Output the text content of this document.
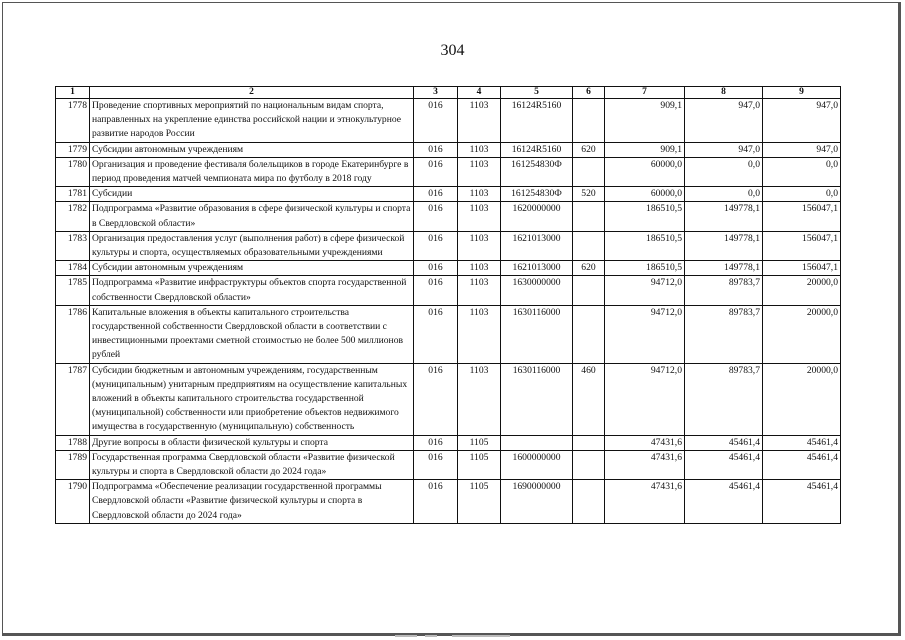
304
1	2	3	4	5	6	7	8	9
1778	Проведение спортивных мероприятий по национальным видам спорта, направленных на укрепление единства российской нации и этнокультурное развитие народов России	016	1103	16124R5160		909,1	947,0	947,0
1779	Субсидии автономным учреждениям	016	1103	16124R5160	620	909,1	947,0	947,0
1780	Организация и проведение фестиваля болельщиков в городе Екатеринбурге в период проведения матчей чемпионата мира по футболу в 2018 году	016	1103	161254830Ф		60000,0	0,0	0,0
1781	Субсидии	016	1103	161254830Ф	520	60000,0	0,0	0,0
1782	Подпрограмма «Развитие образования в сфере физической культуры и спорта в Свердловской области»	016	1103	1620000000		186510,5	149778,1	156047,1
1783	Организация предоставления услуг (выполнения работ) в сфере физической культуры и спорта, осуществляемых образовательными учреждениями	016	1103	1621013000		186510,5	149778,1	156047,1
1784	Субсидии автономным учреждениям	016	1103	1621013000	620	186510,5	149778,1	156047,1
1785	Подпрограмма «Развитие инфраструктуры объектов спорта государственной собственности Свердловской области»	016	1103	1630000000		94712,0	89783,7	20000,0
1786	Капитальные вложения в объекты капитального строительства государственной собственности Свердловской области в соответствии с инвестиционными проектами сметной стоимостью не более 500 миллионов рублей	016	1103	1630116000		94712,0	89783,7	20000,0
1787	Субсидии бюджетным и автономным учреждениям, государственным (муниципальным) унитарным предприятиям на осуществление капитальных вложений в объекты капитального строительства государственной (муниципальной) собственности или приобретение объектов недвижимого имущества в государственную (муниципальную) собственность	016	1103	1630116000	460	94712,0	89783,7	20000,0
1788	Другие вопросы в области физической культуры и спорта	016	1105			47431,6	45461,4	45461,4
1789	Государственная программа Свердловской области «Развитие физической культуры и спорта в Свердловской области до 2024 года»	016	1105	1600000000		47431,6	45461,4	45461,4
1790	Подпрограмма «Обеспечение реализации государственной программы Свердловской области «Развитие физической культуры и спорта в Свердловской области до 2024 года»	016	1105	1690000000		47431,6	45461,4	45461,4
